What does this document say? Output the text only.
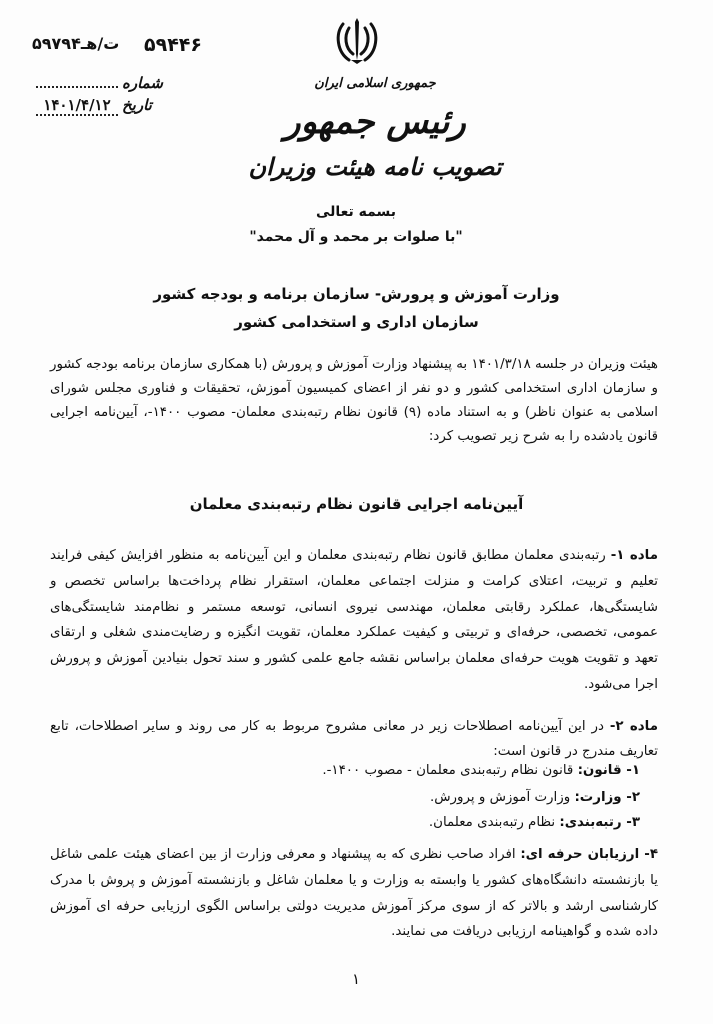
۵۹۷۹۴ت/هـ ۵۹۴۴۶
شماره
تاریخ
۱۴۰۱/۴/۱۲
جمهوری اسلامی ایران
رئیس جمهور
تصویب نامه هیئت وزیران
بسمه تعالی
"با صلوات بر محمد و آل محمد"
وزارت آموزش و پرورش- سازمان برنامه و بودجه کشور
سازمان اداری و استخدامی کشور
هیئت وزیران در جلسه ۱۴۰۱/۳/۱۸ به پیشنهاد وزارت آموزش و پرورش (با همکاری سازمان برنامه بودجه کشور و سازمان اداری استخدامی کشور و دو نفر از اعضای کمیسیون آموزش، تحقیقات و فناوری مجلس شورای اسلامی به عنوان ناظر) و به استناد ماده (۹) قانون نظام رتبه‌بندی معلمان- مصوب ۱۴۰۰-، آیین‌نامه اجرایی قانون یادشده را به شرح زیر تصویب کرد:
آیین‌نامه اجرایی قانون نظام رتبه‌بندی معلمان
ماده ۱- رتبه‌بندی معلمان مطابق قانون نظام رتبه‌بندی معلمان و این آیین‌نامه به منظور افزایش کیفی فرایند تعلیم و تربیت، اعتلای کرامت و منزلت اجتماعی معلمان، استقرار نظام پرداخت‌ها براساس تخصص و شایستگی‌ها، عملکرد رقابتی معلمان، مهندسی نیروی انسانی، توسعه مستمر و نظام‌مند شایستگی‌های عمومی، تخصصی، حرفه‌ای و تربیتی و کیفیت عملکرد معلمان، تقویت انگیزه و رضایت‌مندی شغلی و ارتقای تعهد و تقویت هویت حرفه‌ای معلمان براساس نقشه جامع علمی کشور و سند تحول بنیادین آموزش و پرورش اجرا می‌شود.
ماده ۲- در این آیین‌نامه اصطلاحات زیر در معانی مشروح مربوط به کار می روند و سایر اصطلاحات، تابع تعاریف مندرج در قانون است:
۱- قانون: قانون نظام رتبه‌بندی معلمان - مصوب ۱۴۰۰-.
۲- وزارت: وزارت آموزش و پرورش.
۳- رتبه‌بندی: نظام رتبه‌بندی معلمان.
۴- ارزیابان حرفه ای: افراد صاحب نظری که به پیشنهاد و معرفی وزارت از بین اعضای هیئت علمی شاغل یا بازنشسته دانشگاه‌های کشور یا وابسته به وزارت و یا معلمان شاغل و بازنشسته آموزش و پروش با مدرک کارشناسی ارشد و بالاتر که از سوی مرکز آموزش مدیریت دولتی براساس الگوی ارزیابی حرفه ای آموزش داده شده و گواهینامه ارزیابی دریافت می نمایند.
۱
